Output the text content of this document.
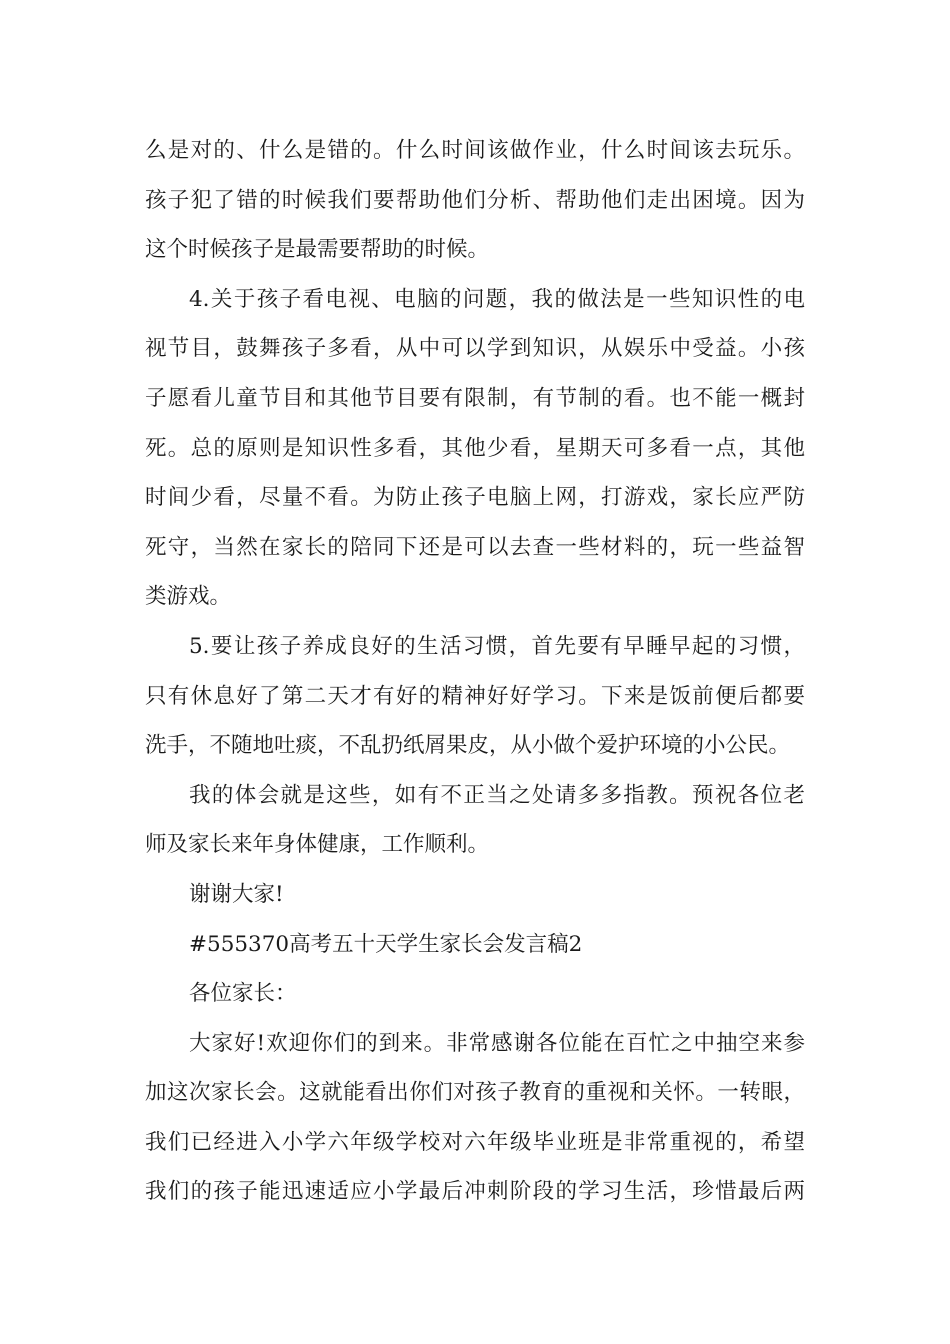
么是对的、什么是错的。什么时间该做作业，什么时间该去玩乐。
孩子犯了错的时候我们要帮助他们分析、帮助他们走出困境。因为
这个时候孩子是最需要帮助的时候。
4.关于孩子看电视、电脑的问题，我的做法是一些知识性的电
视节目，鼓舞孩子多看，从中可以学到知识，从娱乐中受益。小孩
子愿看儿童节目和其他节目要有限制，有节制的看。也不能一概封
死。总的原则是知识性多看，其他少看，星期天可多看一点，其他
时间少看，尽量不看。为防止孩子电脑上网，打游戏，家长应严防
死守，当然在家长的陪同下还是可以去查一些材料的，玩一些益智
类游戏。
5.要让孩子养成良好的生活习惯，首先要有早睡早起的习惯，
只有休息好了第二天才有好的精神好好学习。下来是饭前便后都要
洗手，不随地吐痰，不乱扔纸屑果皮，从小做个爱护环境的小公民。
我的体会就是这些，如有不正当之处请多多指教。预祝各位老
师及家长来年身体健康，工作顺利。
谢谢大家!
#555370高考五十天学生家长会发言稿2
各位家长：
大家好!欢迎你们的到来。非常感谢各位能在百忙之中抽空来参
加这次家长会。这就能看出你们对孩子教育的重视和关怀。一转眼，
我们已经进入小学六年级学校对六年级毕业班是非常重视的，希望
我们的孩子能迅速适应小学最后冲刺阶段的学习生活，珍惜最后两
